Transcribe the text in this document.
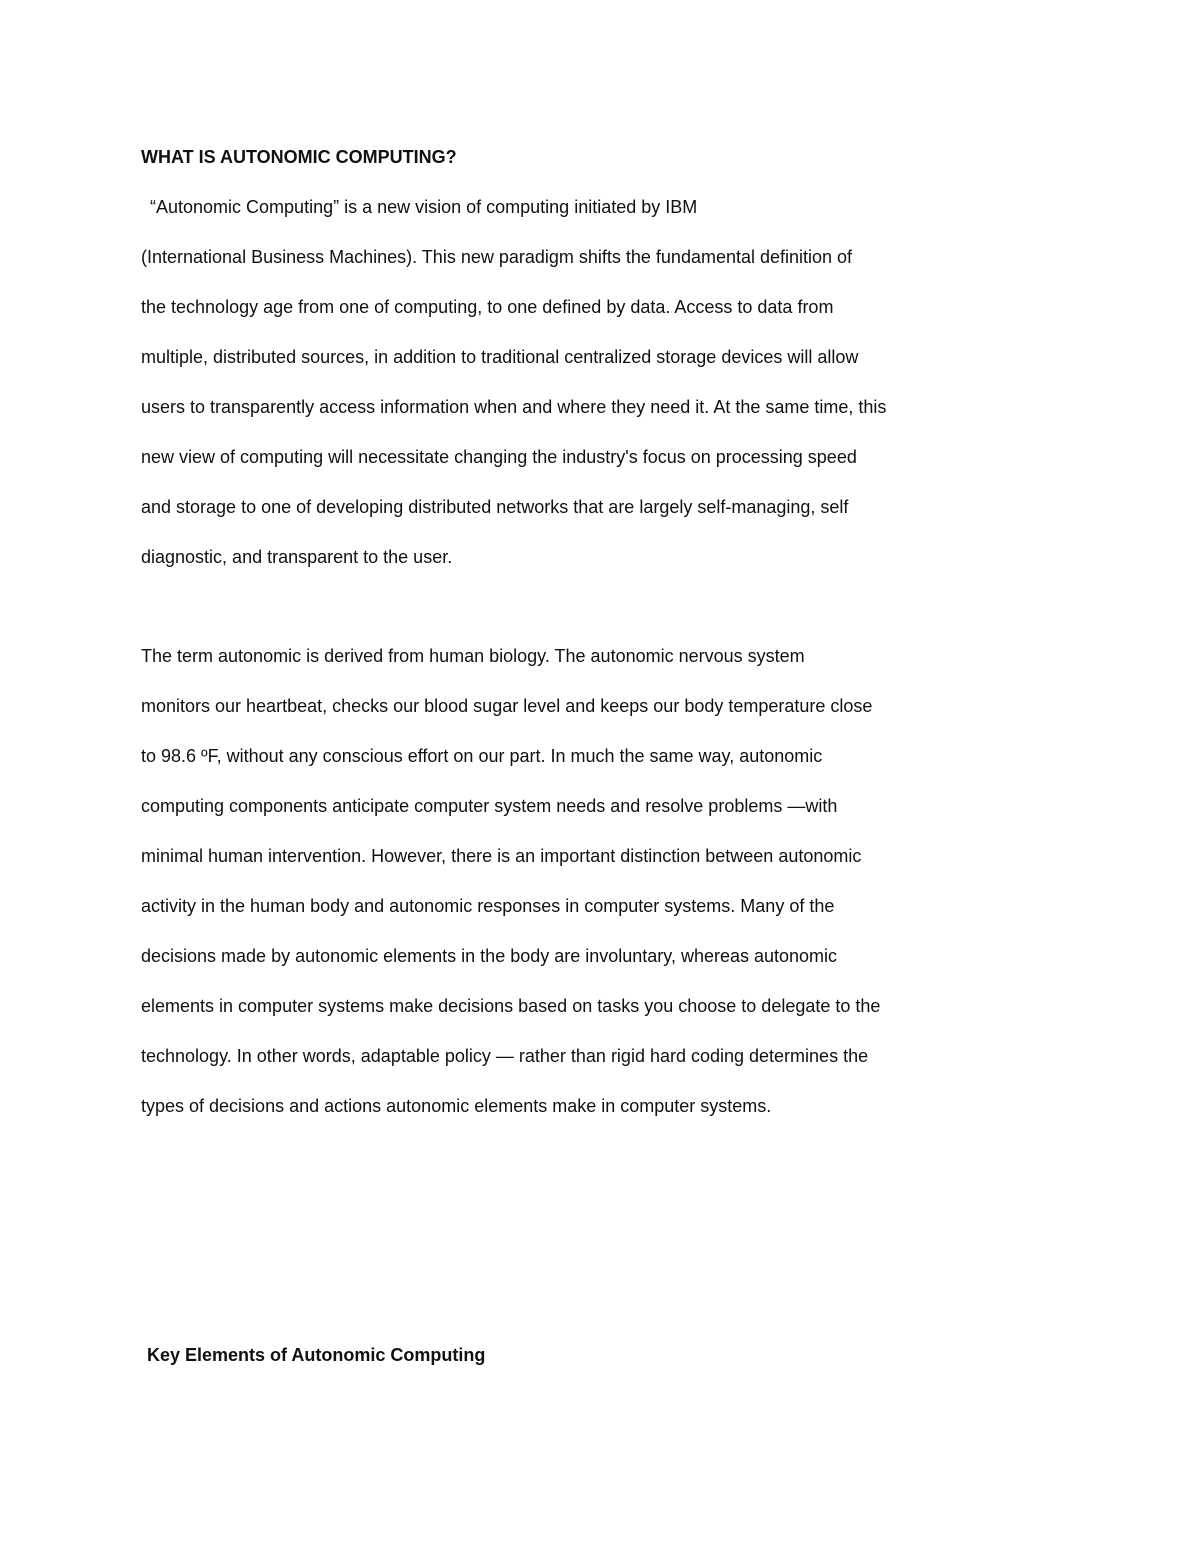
WHAT IS AUTONOMIC COMPUTING?
“Autonomic Computing” is a new vision of computing initiated by IBM
(International Business Machines). This new paradigm shifts the fundamental definition of
the technology age from one of computing, to one defined by data. Access to data from
multiple, distributed sources, in addition to traditional centralized storage devices will allow
users to transparently access information when and where they need it. At the same time, this
new view of computing will necessitate changing the industry's focus on processing speed
and storage to one of developing distributed networks that are largely self-managing, self
diagnostic, and transparent to the user.
The term autonomic is derived from human biology. The autonomic nervous system
monitors our heartbeat, checks our blood sugar level and keeps our body temperature close
to 98.6 ºF, without any conscious effort on our part. In much the same way, autonomic
computing components anticipate computer system needs and resolve problems —with
minimal human intervention. However, there is an important distinction between autonomic
activity in the human body and autonomic responses in computer systems. Many of the
decisions made by autonomic elements in the body are involuntary, whereas autonomic
elements in computer systems make decisions based on tasks you choose to delegate to the
technology. In other words, adaptable policy — rather than rigid hard coding determines the
types of decisions and actions autonomic elements make in computer systems.
Key Elements of Autonomic Computing
